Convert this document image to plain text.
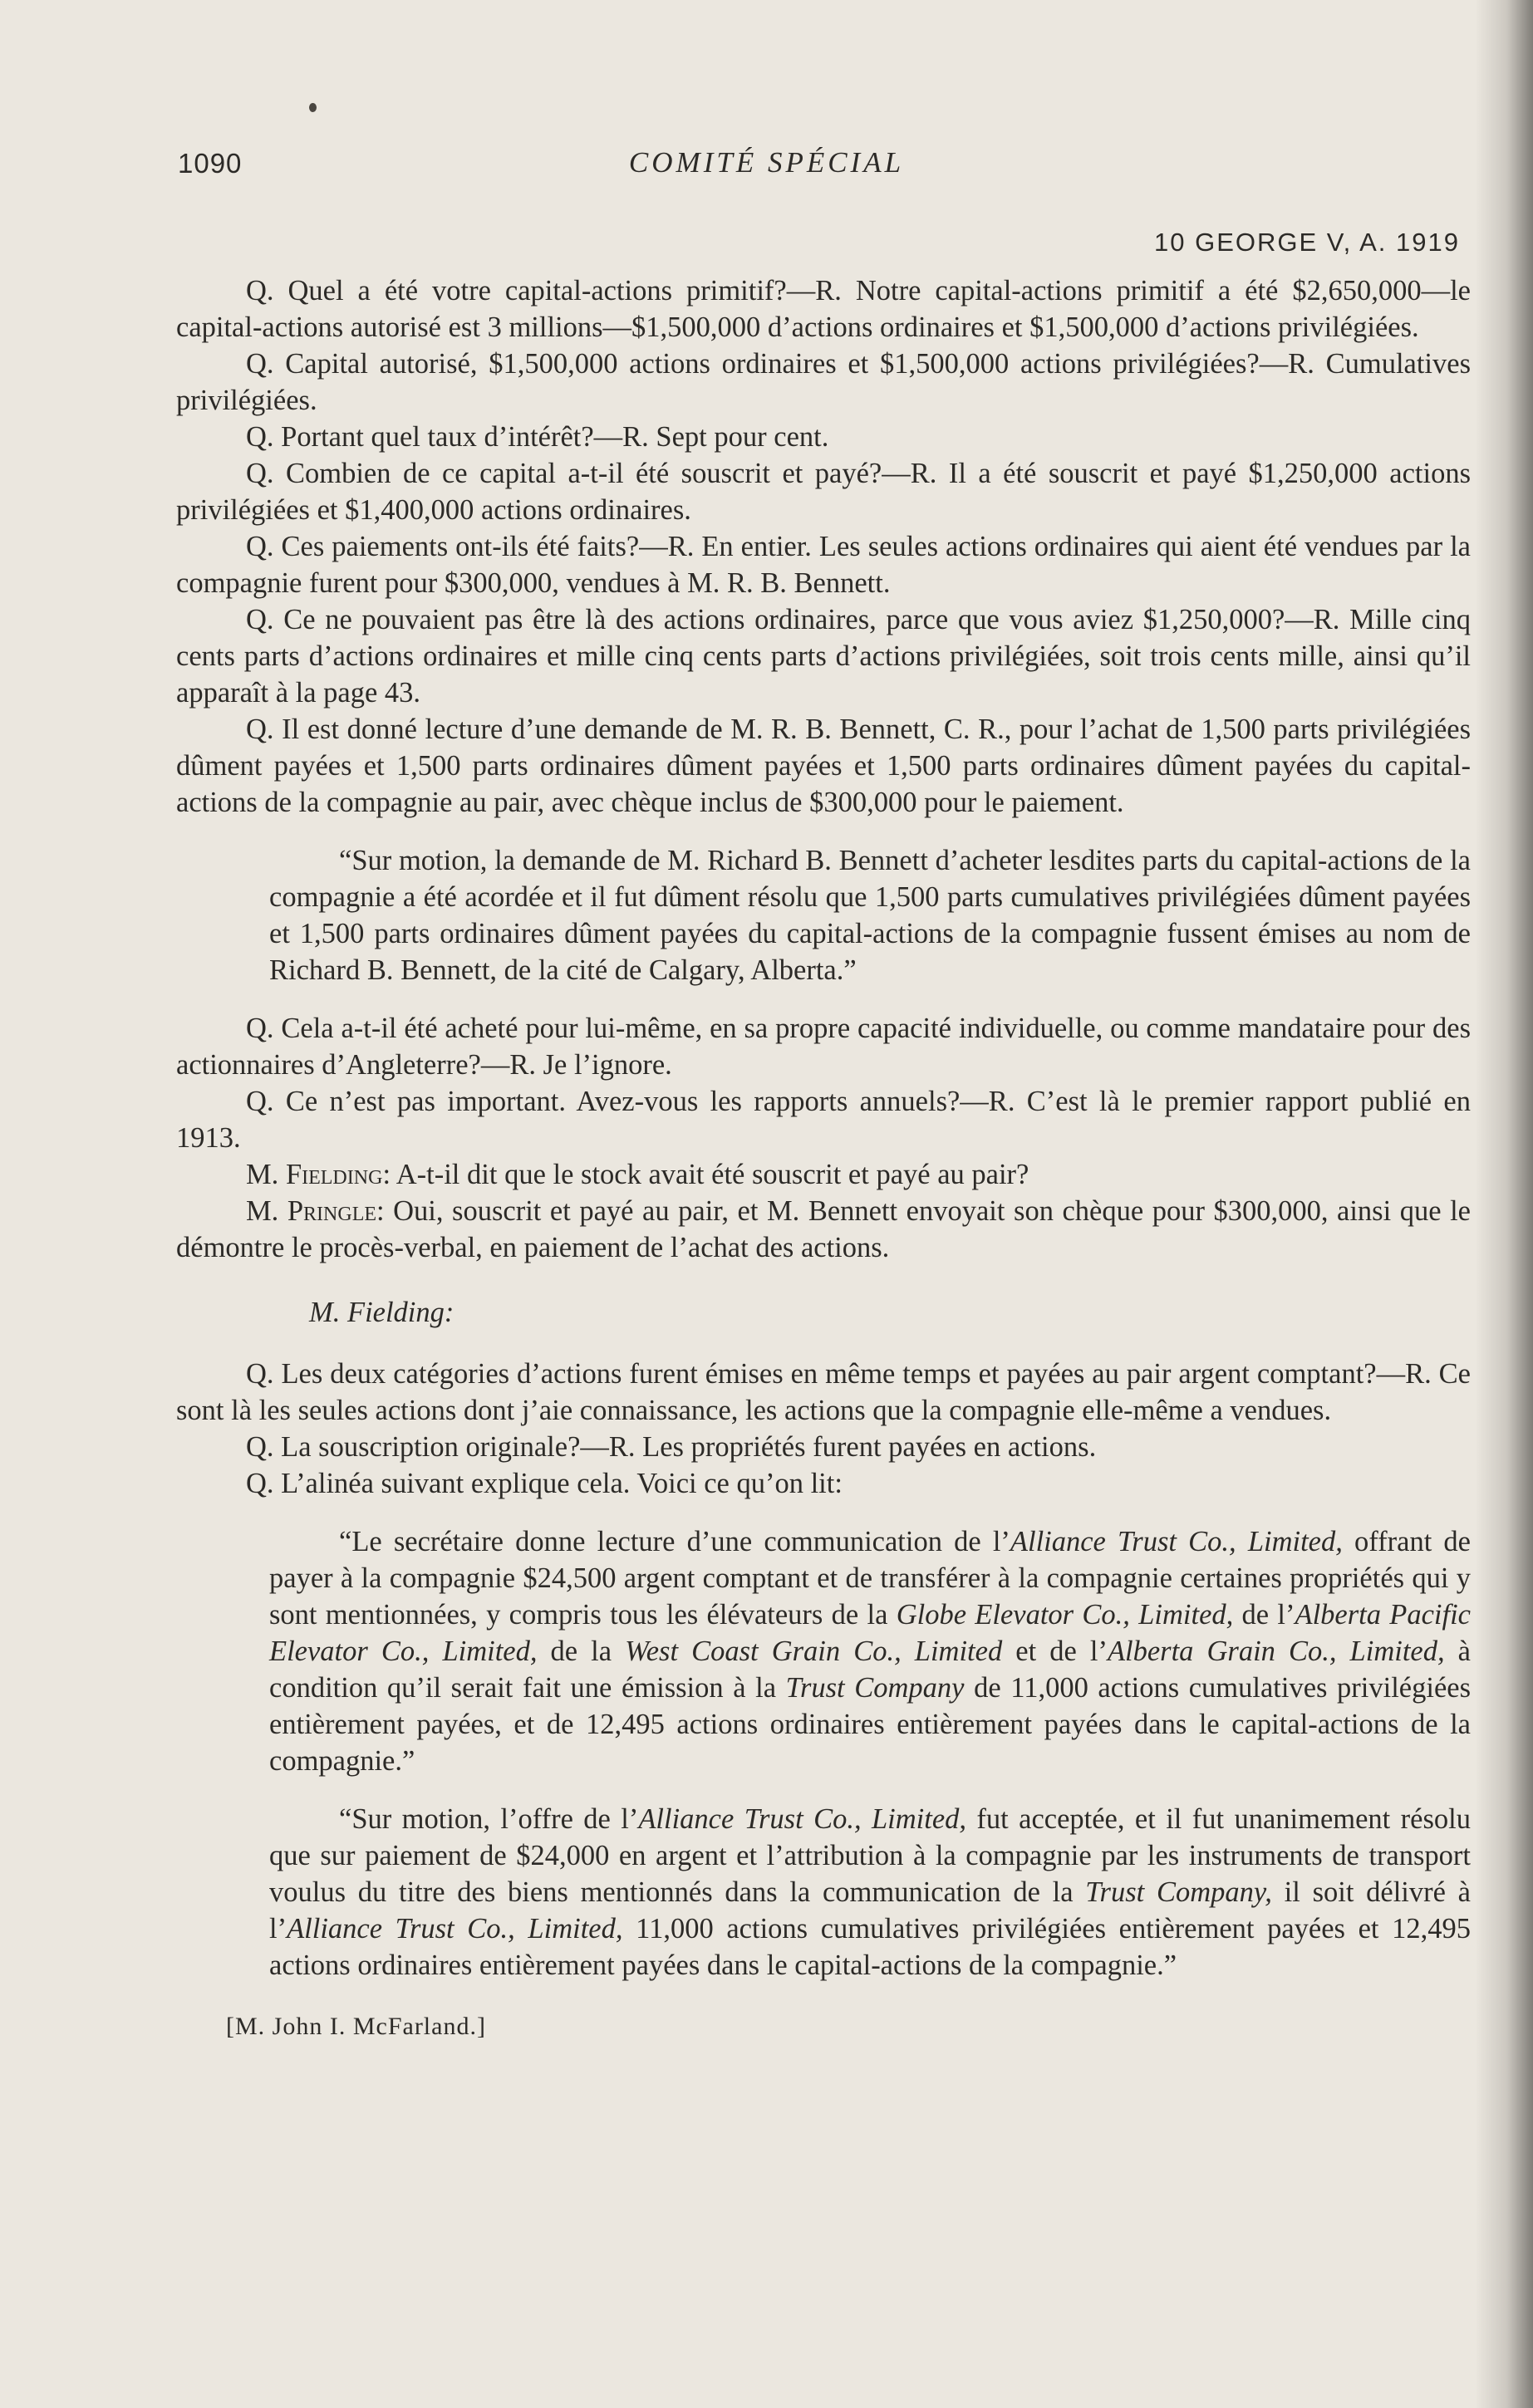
1090	COMITÉ SPÉCIAL
10 GEORGE V, A. 1919

Q. Quel a été votre capital-actions primitif?—R. Notre capital-actions primitif a été $2,650,000—le capital-actions autorisé est 3 millions—$1,500,000 d’actions ordinaires et $1,500,000 d’actions privilégiées.

Q. Capital autorisé, $1,500,000 actions ordinaires et $1,500,000 actions privilégiées?—R. Cumulatives privilégiées.

Q. Portant quel taux d’intérêt?—R. Sept pour cent.

Q. Combien de ce capital a-t-il été souscrit et payé?—R. Il a été souscrit et payé $1,250,000 actions privilégiées et $1,400,000 actions ordinaires.

Q. Ces paiements ont-ils été faits?—R. En entier. Les seules actions ordinaires qui aient été vendues par la compagnie furent pour $300,000, vendues à M. R. B. Bennett.

Q. Ce ne pouvaient pas être là des actions ordinaires, parce que vous aviez $1,250,000?—R. Mille cinq cents parts d’actions ordinaires et mille cinq cents parts d’actions privilégiées, soit trois cents mille, ainsi qu’il apparaît à la page 43.

Q. Il est donné lecture d’une demande de M. R. B. Bennett, C. R., pour l’achat de 1,500 parts privilégiées dûment payées et 1,500 parts ordinaires dûment payées et 1,500 parts ordinaires dûment payées du capital-actions de la compagnie au pair, avec chèque inclus de $300,000 pour le paiement.

“Sur motion, la demande de M. Richard B. Bennett d’acheter lesdites parts du capital-actions de la compagnie a été acordée et il fut dûment résolu que 1,500 parts cumulatives privilégiées dûment payées et 1,500 parts ordinaires dûment payées du capital-actions de la compagnie fussent émises au nom de Richard B. Bennett, de la cité de Calgary, Alberta.”

Q. Cela a-t-il été acheté pour lui-même, en sa propre capacité individuelle, ou comme mandataire pour des actionnaires d’Angleterre?—R. Je l’ignore.

Q. Ce n’est pas important. Avez-vous les rapports annuels?—R. C’est là le premier rapport publié en 1913.

M. Fielding: A-t-il dit que le stock avait été souscrit et payé au pair?

M. Pringle: Oui, souscrit et payé au pair, et M. Bennett envoyait son chèque pour $300,000, ainsi que le démontre le procès-verbal, en paiement de l’achat des actions.

M. Fielding:

Q. Les deux catégories d’actions furent émises en même temps et payées au pair argent comptant?—R. Ce sont là les seules actions dont j’aie connaissance, les actions que la compagnie elle-même a vendues.

Q. La souscription originale?—R. Les propriétés furent payées en actions.

Q. L’alinéa suivant explique cela. Voici ce qu’on lit:

“Le secrétaire donne lecture d’une communication de l’Alliance Trust Co., Limited, offrant de payer à la compagnie $24,500 argent comptant et de transférer à la compagnie certaines propriétés qui y sont mentionnées, y compris tous les élévateurs de la Globe Elevator Co., Limited, de l’Alberta Pacific Elevator Co., Limited, de la West Coast Grain Co., Limited et de l’Alberta Grain Co., Limited, à condition qu’il serait fait une émission à la Trust Company de 11,000 actions cumulatives privilégiées entièrement payées, et de 12,495 actions ordinaires entièrement payées dans le capital-actions de la compagnie.”

“Sur motion, l’offre de l’Alliance Trust Co., Limited, fut acceptée, et il fut unanimement résolu que sur paiement de $24,000 en argent et l’attribution à la compagnie par les instruments de transport voulus du titre des biens mentionnés dans la communication de la Trust Company, il soit délivré à l’Alliance Trust Co., Limited, 11,000 actions cumulatives privilégiées entièrement payées et 12,495 actions ordinaires entièrement payées dans le capital-actions de la compagnie.”

[M. John I. McFarland.]
